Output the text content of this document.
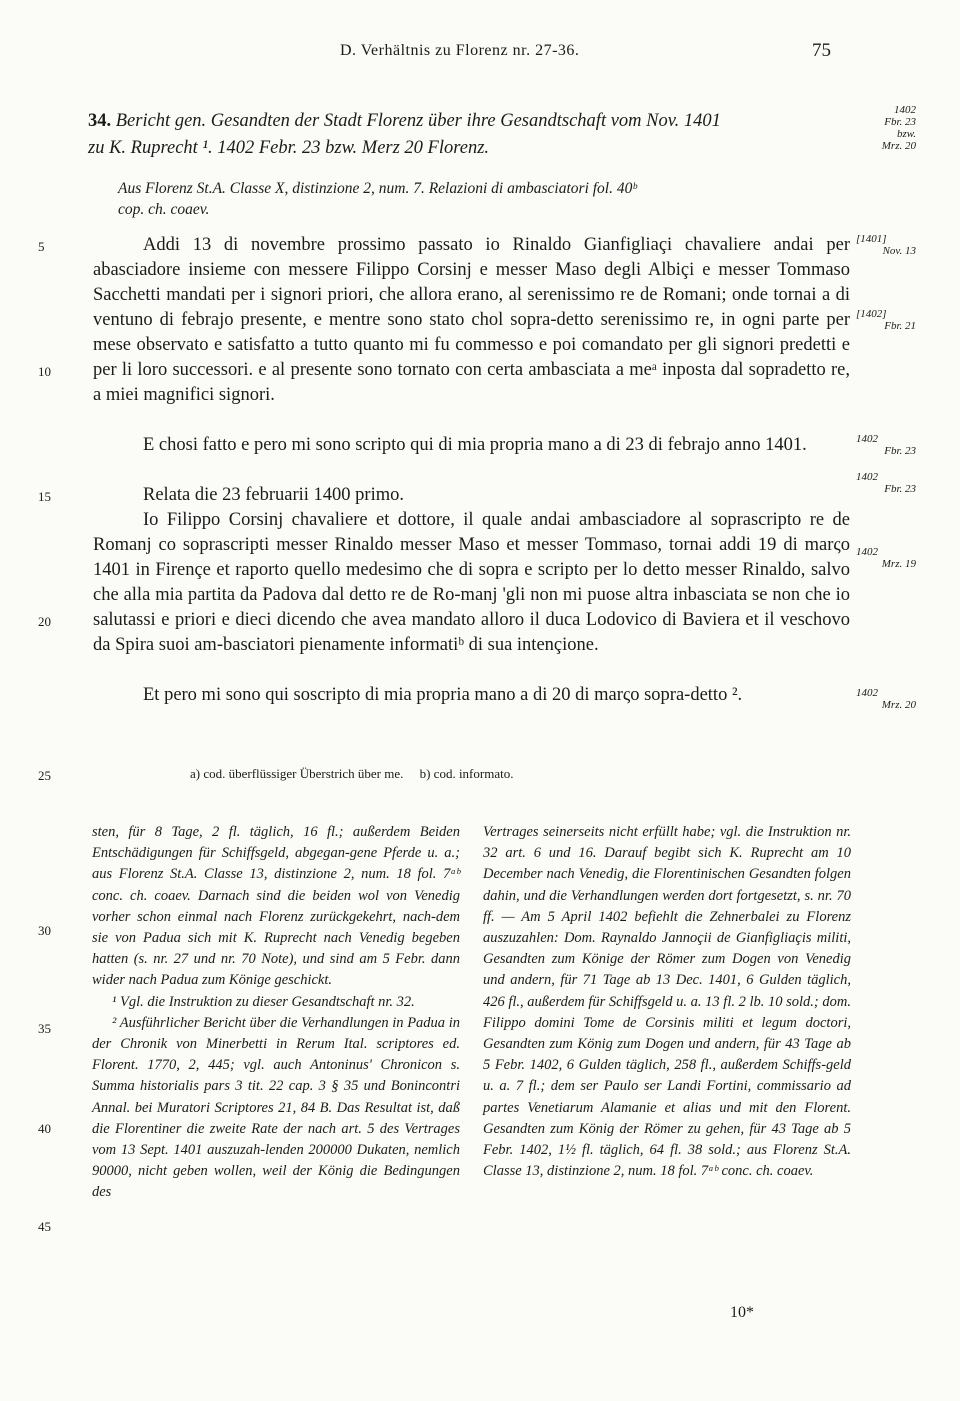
D. Verhältnis zu Florenz nr. 27-36.	75
34. Bericht gen. Gesandten der Stadt Florenz über ihre Gesandtschaft vom Nov. 1401
zu K. Ruprecht ¹. 1402 Febr. 23 bzw. Merz 20 Florenz.
1402
Fbr. 23
bzw.
Mrz. 20
Aus Florenz St.A. Classe X, distinzione 2, num. 7. Relazioni di ambasciatori fol. 40ᵇ
cop. ch. coaev.

Addi 13 di novembre prossimo passato io Rinaldo Gianfigliaçi chavaliere andai per abasciadore insieme con messere Filippo Corsinj e messer Maso degli Albiçi e messer Tommaso Sacchetti mandati per i signori priori, che allora erano, al serenissimo re de Romani; onde tornai a di ventuno di febrajo presente, e mentre sono stato chol sopra-detto serenissimo re, in ogni parte per mese observato e satisfatto a tutto quanto mi fu commesso e poi comandato per gli signori predetti e per li loro successori. e al presente sono tornato con certa ambasciata a meᵃ inposta dal sopradetto re, a miei magnifici signori.

E chosi fatto e pero mi sono scripto qui di mia propria mano a di 23 di febrajo anno 1401.

Relata die 23 februarii 1400 primo.

Io Filippo Corsinj chavaliere et dottore, il quale andai ambasciadore al soprascripto re de Romanj co soprascripti messer Rinaldo messer Maso et messer Tommaso, tornai addi 19 di marςo 1401 in Firençe et raporto quello medesimo che di sopra e scripto per lo detto messer Rinaldo, salvo che alla mia partita da Padova dal detto re de Ro-manj 'gli non mi puose altra inbasciata se non che io salutassi e priori e dieci dicendo che avea mandato alloro il duca Lodovico di Baviera et il veschovo da Spira suoi am-basciatori pienamente informatiᵇ di sua intençione.

Et pero mi sono qui soscripto di mia propria mano a di 20 di marςo sopra-detto ².

[1401]

Nov. 13
[1402]

Fbr. 21
1402

Fbr. 23
1402

Fbr. 23
1402

Mrz. 19
1402

Mrz. 20
5
10
15
20
25
30
35
40
45
a) cod. überflüssiger Überstrich über me. b) cod. informato.

sten, für 8 Tage, 2 fl. täglich, 16 fl.; außerdem Beiden Entschädigungen für Schiffsgeld, abgegan-gene Pferde u. a.; aus Florenz St.A. Classe 13, distinzione 2, num. 18 fol. 7ᵃᵇ conc. ch. coaev. Darnach sind die beiden wol von Venedig vorher schon einmal nach Florenz zurückgekehrt, nach-dem sie von Padua sich mit K. Ruprecht nach Venedig begeben hatten (s. nr. 27 und nr. 70 Note), und sind am 5 Febr. dann wider nach Padua zum Könige geschickt.

¹ Vgl. die Instruktion zu dieser Gesandtschaft nr. 32.

² Ausführlicher Bericht über die Verhandlungen in Padua in der Chronik von Minerbetti in Rerum Ital. scriptores ed. Florent. 1770, 2, 445; vgl. auch Antoninus' Chronicon s. Summa historialis pars 3 tit. 22 cap. 3 § 35 und Bonincontri Annal. bei Muratori Scriptores 21, 84 B. Das Resultat ist, daß die Florentiner die zweite Rate der nach art. 5 des Vertrages vom 13 Sept. 1401 auszuzah-lenden 200000 Dukaten, nemlich 90000, nicht geben wollen, weil der König die Bedingungen des

Vertrages seinerseits nicht erfüllt habe; vgl. die Instruktion nr. 32 art. 6 und 16. Darauf begibt sich K. Ruprecht am 10 December nach Venedig, die Florentinischen Gesandten folgen dahin, und die Verhandlungen werden dort fortgesetzt, s. nr. 70 ff. — Am 5 April 1402 befiehlt die Zehnerbalei zu Florenz auszuzahlen: Dom. Raynaldo Jannoçii de Gianfigliaçis militi, Gesandten zum Könige der Römer zum Dogen von Venedig und andern, für 71 Tage ab 13 Dec. 1401, 6 Gulden täglich, 426 fl., außerdem für Schiffsgeld u. a. 13 fl. 2 lb. 10 sold.; dom. Filippo domini Tome de Corsinis militi et legum doctori, Gesandten zum König zum Dogen und andern, für 43 Tage ab 5 Febr. 1402, 6 Gulden täglich, 258 fl., außerdem Schiffs-geld u. a. 7 fl.; dem ser Paulo ser Landi Fortini, commissario ad partes Venetiarum Alamanie et alias und mit den Florent. Gesandten zum König der Römer zu gehen, für 43 Tage ab 5 Febr. 1402, 1½ fl. täglich, 64 fl. 38 sold.; aus Florenz St.A. Classe 13, distinzione 2, num. 18 fol. 7ᵃᵇ conc. ch. coaev.

10*
